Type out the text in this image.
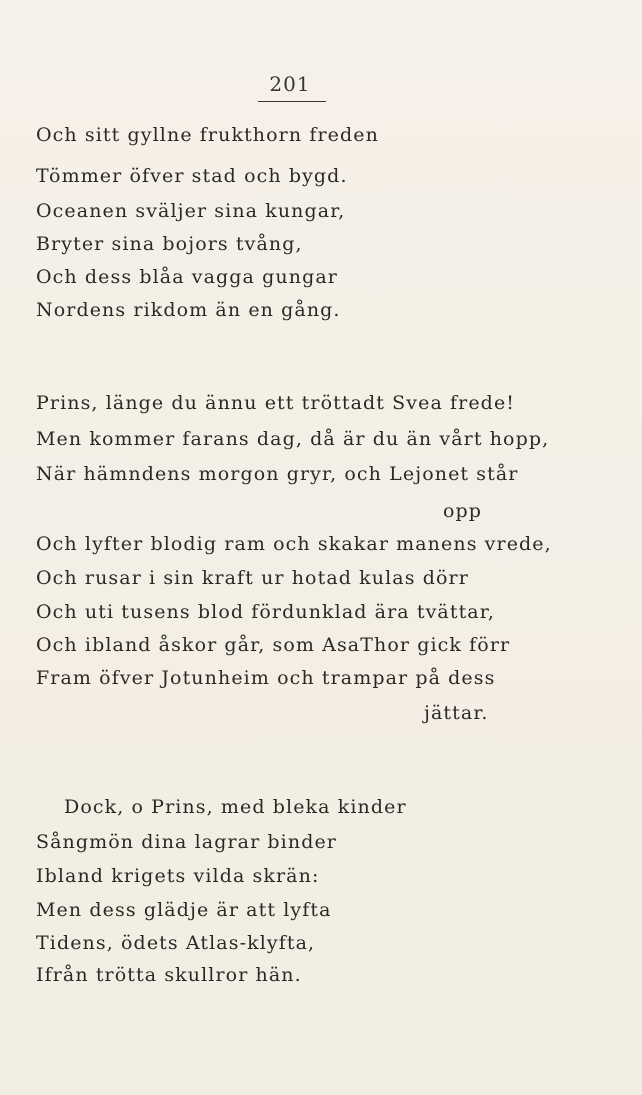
201
Och sitt gyllne frukthorn freden
Tömmer öfver stad och bygd.
Oceanen sväljer sina kungar,
Bryter sina bojors tvång,
Och dess blåa vagga gungar
Nordens rikdom än en gång.
Prins, länge du ännu ett tröttadt Svea frede!
Men kommer farans dag, då är du än vårt hopp,
När hämndens morgon gryr, och Lejonet står
opp
Och lyfter blodig ram och skakar manens vrede,
Och rusar i sin kraft ur hotad kulas dörr
Och uti tusens blod fördunklad ära tvättar,
Och ibland åskor går, som AsaThor gick förr
Fram öfver Jotunheim och trampar på dess
jättar.
Dock, o Prins, med bleka kinder
Sångmön dina lagrar binder
Ibland krigets vilda skrän:
Men dess glädje är att lyfta
Tidens, ödets Atlas-klyfta,
Ifrån trötta skullror hän.
